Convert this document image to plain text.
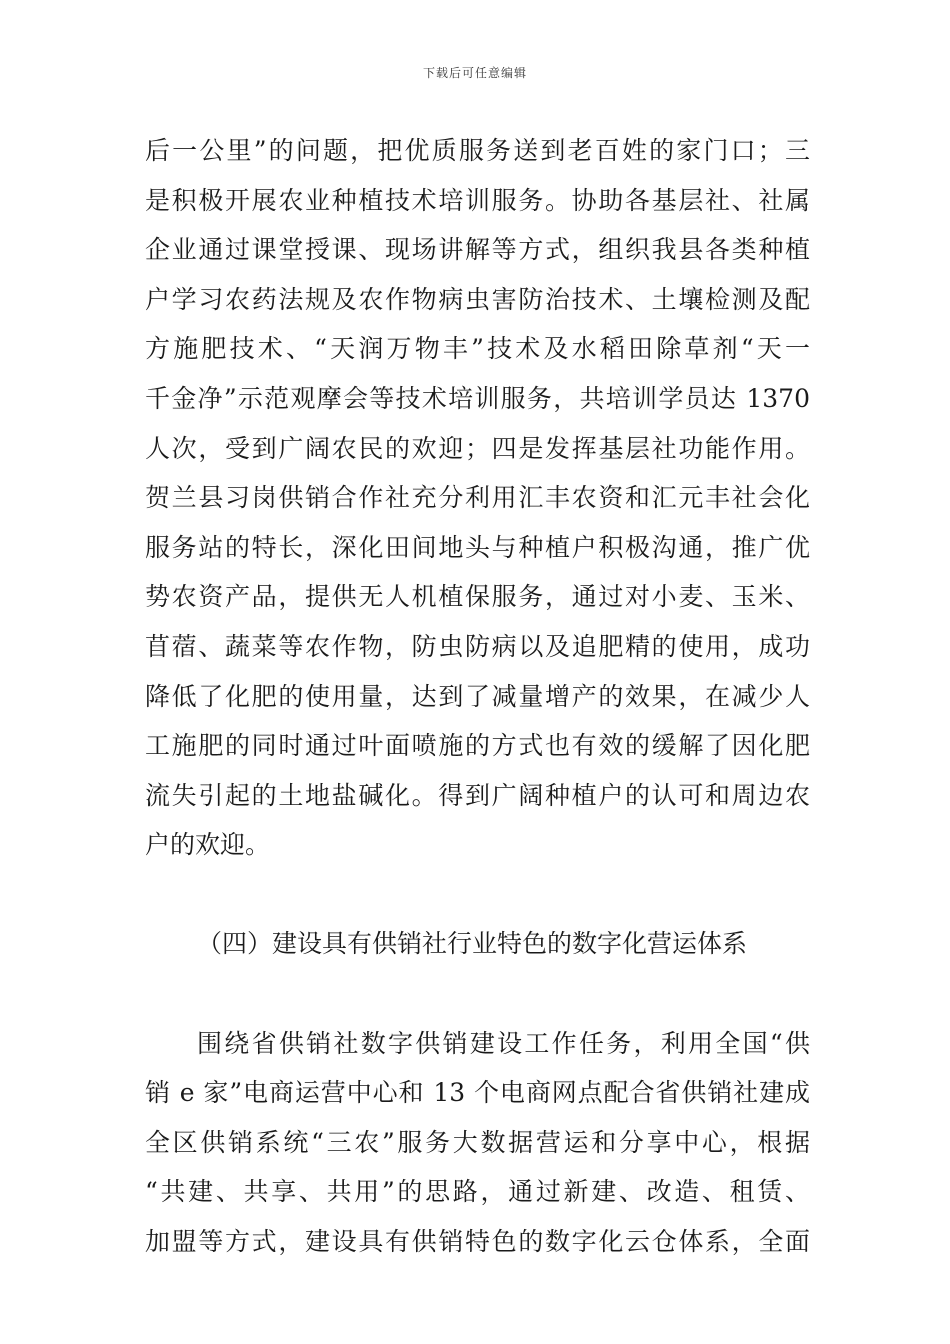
下载后可任意编辑
后一公里”的问题，把优质服务送到老百姓的家门口；三
是积极开展农业种植技术培训服务。协助各基层社、社属
企业通过课堂授课、现场讲解等方式，组织我县各类种植
户学习农药法规及农作物病虫害防治技术、土壤检测及配
方施肥技术、“天润万物丰”技术及水稻田除草剂“天一
千金净”示范观摩会等技术培训服务，共培训学员达 1370
人次，受到广阔农民的欢迎；四是发挥基层社功能作用。
贺兰县习岗供销合作社充分利用汇丰农资和汇元丰社会化
服务站的特长，深化田间地头与种植户积极沟通，推广优
势农资产品，提供无人机植保服务，通过对小麦、玉米、
苜蓿、蔬菜等农作物，防虫防病以及追肥精的使用，成功
降低了化肥的使用量，达到了减量增产的效果，在减少人
工施肥的同时通过叶面喷施的方式也有效的缓解了因化肥
流失引起的土地盐碱化。得到广阔种植户的认可和周边农
户的欢迎。
（四）建设具有供销社行业特色的数字化营运体系
围绕省供销社数字供销建设工作任务，利用全国“供
销 e 家”电商运营中心和 13 个电商网点配合省供销社建成
全区供销系统“三农”服务大数据营运和分享中心，根据
“共建、共享、共用”的思路，通过新建、改造、租赁、
加盟等方式，建设具有供销特色的数字化云仓体系，全面
